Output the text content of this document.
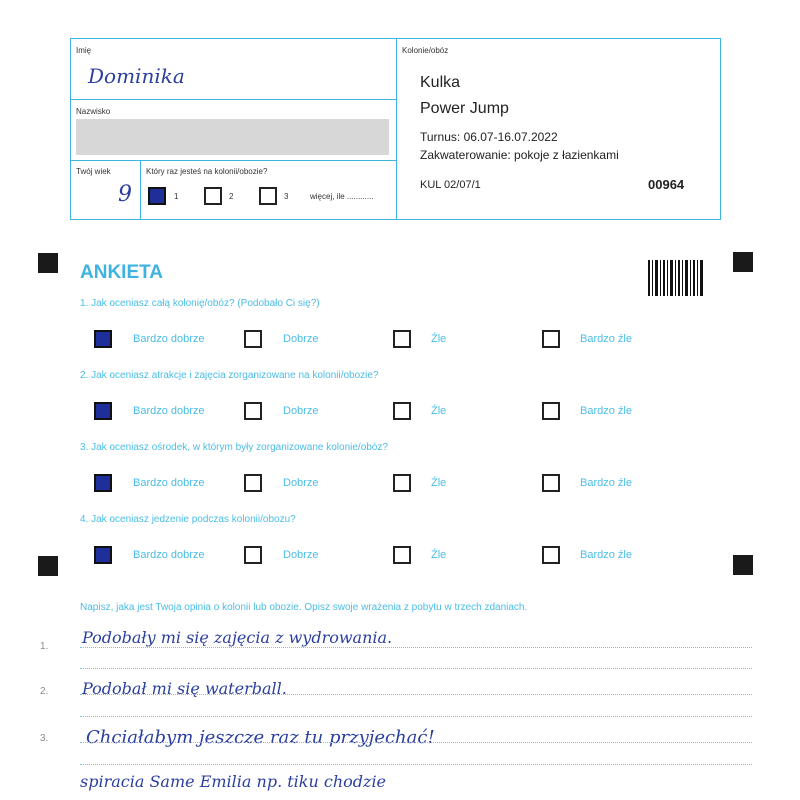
Imię
Dominika
Nazwisko
Twój wiek
9
Który raz jesteś na kolonii/obozie?
1	2	3	więcej, ile ............
Kolonie/obóz
Kulka
Power Jump
Turnus: 06.07-16.07.2022
Zakwaterowanie: pokoje z łazienkami
KUL 02/07/1	00964
ANKIETA
1. Jak oceniasz całą kolonię/obóz? (Podobało Ci się?)
Bardzo dobrze	Dobrze	Źle	Bardzo źle
2. Jak oceniasz atrakcje i zajęcia zorganizowane na kolonii/obozie?
Bardzo dobrze	Dobrze	Źle	Bardzo źle
3. Jak oceniasz ośrodek, w którym były zorganizowane kolonie/obóz?
Bardzo dobrze	Dobrze	Źle	Bardzo źle
4. Jak oceniasz jedzenie podczas kolonii/obozu?
Bardzo dobrze	Dobrze	Źle	Bardzo źle
Napisz, jaka jest Twoja opinia o kolonii lub obozie. Opisz swoje wrażenia z pobytu w trzech zdaniach.
1. Podobały mi się zajęcia z wydrowania.
2. Podobał mi się waterball.
3. Chciałabym jeszcze raz tu przyjechać!
spiracia Same Emilia np. tiku chodzie
